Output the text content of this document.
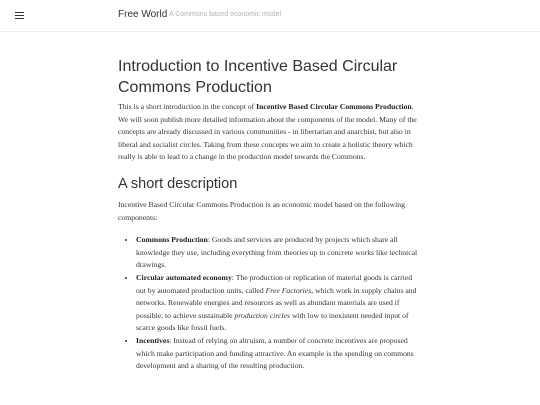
Free World A Commons based economic model
Introduction to Incentive Based Circular Commons Production

This is a short introduction in the concept of Incentive Based Circular Commons Production. We will soon publish more detailed information about the components of the model. Many of the concepts are already discussed in various communities - in libertarian and anarchist, but also in liberal and socialist circles. Taking from these concepts we aim to create a holistic theory which really is able to lead to a change in the production model towards the Commons.

A short description

Incentive Based Circular Commons Production is an economic model based on the following components:

• Commons Production: Goods and services are produced by projects which share all knowledge they use, including everything from theories up to concrete works like technical drawings.
• Circular automated economy: The production or replication of material goods is carried out by automated production units, called Free Factories, which work in supply chains and networks. Renewable energies and resources as well as abundant materials are used if possible, to achieve sustainable production circles with low to inexistent needed input of scarce goods like fossil fuels.
• Incentives: Instead of relying on altruism, a number of concrete incentives are proposed which make participation and funding attractive. An example is the spending on commons development and a sharing of the resulting production.
